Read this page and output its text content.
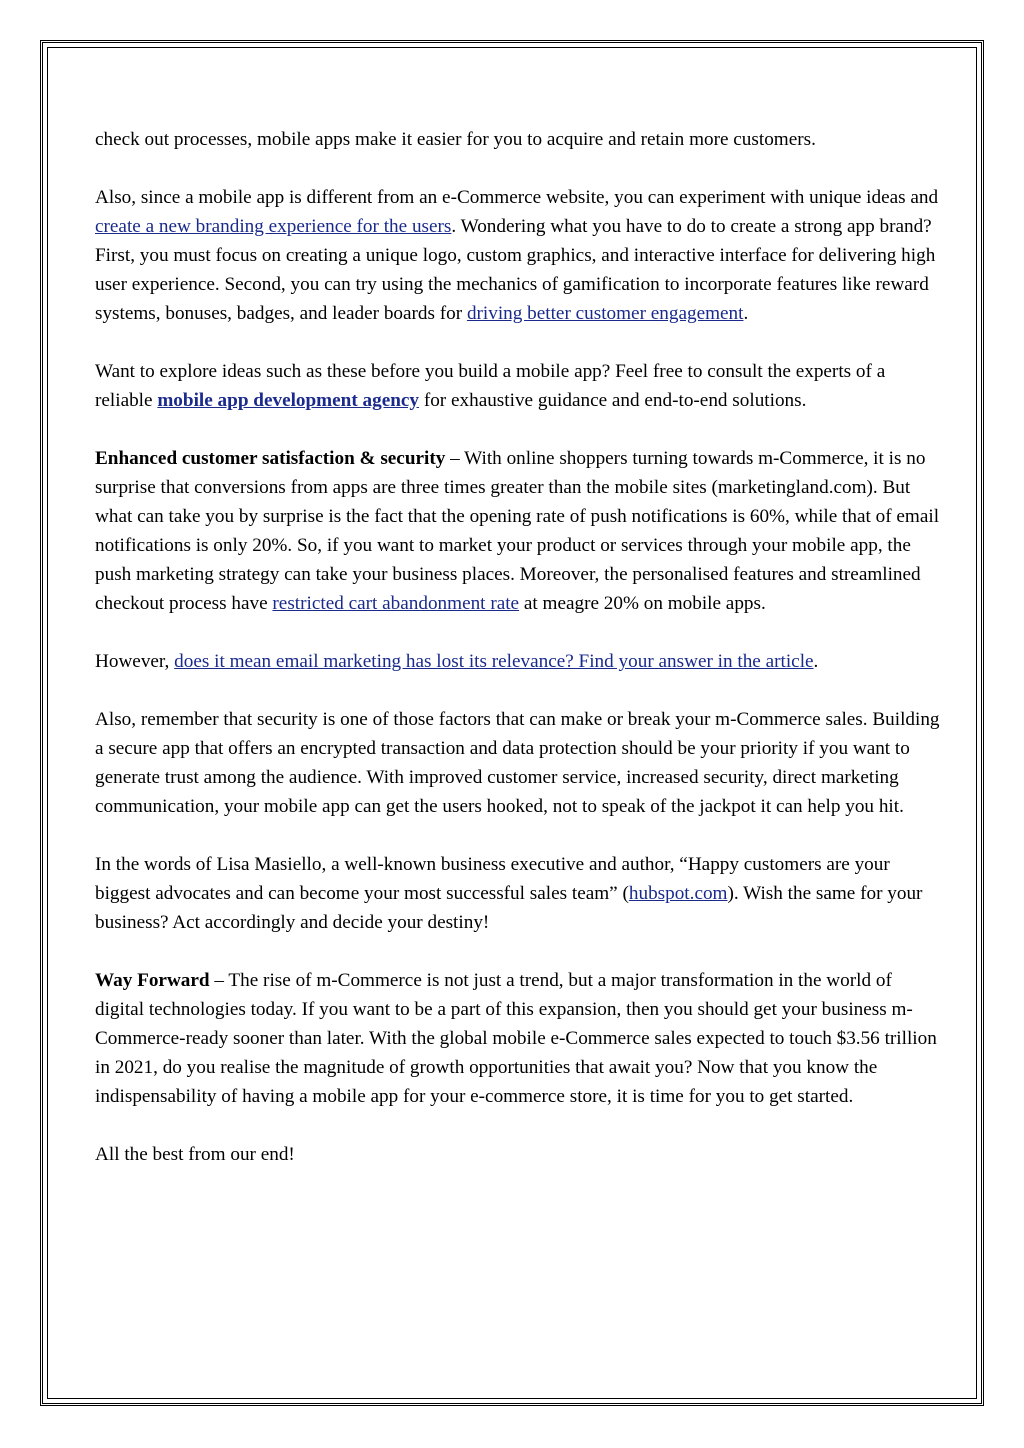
check out processes, mobile apps make it easier for you to acquire and retain more customers.

Also, since a mobile app is different from an e-Commerce website, you can experiment with unique ideas and create a new branding experience for the users. Wondering what you have to do to create a strong app brand? First, you must focus on creating a unique logo, custom graphics, and interactive interface for delivering high user experience. Second, you can try using the mechanics of gamification to incorporate features like reward systems, bonuses, badges, and leader boards for driving better customer engagement.

Want to explore ideas such as these before you build a mobile app? Feel free to consult the experts of a reliable mobile app development agency for exhaustive guidance and end-to-end solutions.

Enhanced customer satisfaction & security – With online shoppers turning towards m-Commerce, it is no surprise that conversions from apps are three times greater than the mobile sites (marketingland.com). But what can take you by surprise is the fact that the opening rate of push notifications is 60%, while that of email notifications is only 20%. So, if you want to market your product or services through your mobile app, the push marketing strategy can take your business places. Moreover, the personalised features and streamlined checkout process have restricted cart abandonment rate at meagre 20% on mobile apps.

However, does it mean email marketing has lost its relevance? Find your answer in the article.

Also, remember that security is one of those factors that can make or break your m-Commerce sales. Building a secure app that offers an encrypted transaction and data protection should be your priority if you want to generate trust among the audience. With improved customer service, increased security, direct marketing communication, your mobile app can get the users hooked, not to speak of the jackpot it can help you hit.

In the words of Lisa Masiello, a well-known business executive and author, “Happy customers are your biggest advocates and can become your most successful sales team” (hubspot.com). Wish the same for your business? Act accordingly and decide your destiny!

Way Forward – The rise of m-Commerce is not just a trend, but a major transformation in the world of digital technologies today. If you want to be a part of this expansion, then you should get your business m-Commerce-ready sooner than later. With the global mobile e-Commerce sales expected to touch $3.56 trillion in 2021, do you realise the magnitude of growth opportunities that await you? Now that you know the indispensability of having a mobile app for your e-commerce store, it is time for you to get started.

All the best from our end!
